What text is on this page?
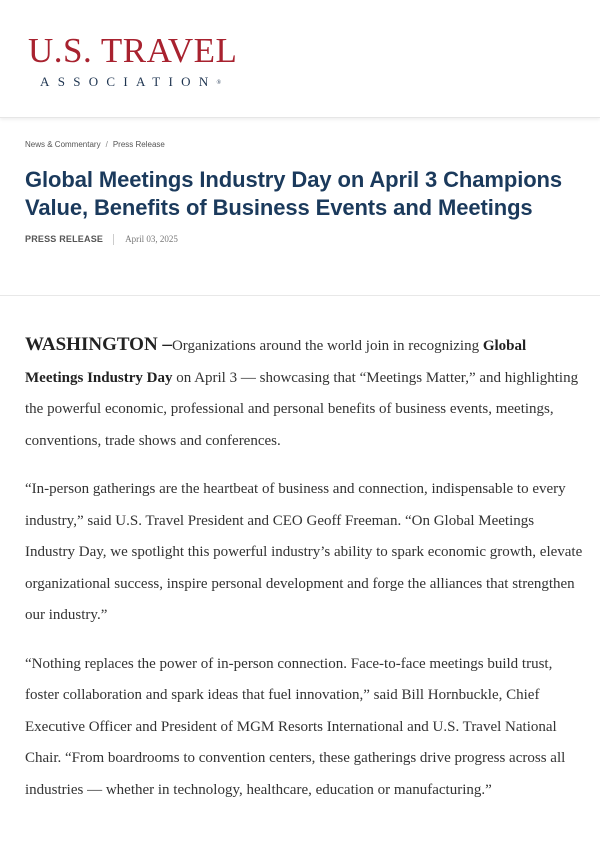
U.S. TRAVEL
ASSOCIATION®
News & Commentary / Press Release
Global Meetings Industry Day on April 3 Champions Value, Benefits of Business Events and Meetings
PRESS RELEASE April 03, 2025

WASHINGTON –Organizations around the world join in recognizing Global Meetings Industry Day on April 3 — showcasing that “Meetings Matter,” and highlighting the powerful economic, professional and personal benefits of business events, meetings, conventions, trade shows and conferences.

“In-person gatherings are the heartbeat of business and connection, indispensable to every industry,” said U.S. Travel President and CEO Geoff Freeman. “On Global Meetings Industry Day, we spotlight this powerful industry’s ability to spark economic growth, elevate organizational success, inspire personal development and forge the alliances that strengthen our industry.”

“Nothing replaces the power of in-person connection. Face-to-face meetings build trust, foster collaboration and spark ideas that fuel innovation,” said Bill Hornbuckle, Chief Executive Officer and President of MGM Resorts International and U.S. Travel National Chair. “From boardrooms to convention centers, these gatherings drive progress across all industries — whether in technology, healthcare, education or manufacturing.”
